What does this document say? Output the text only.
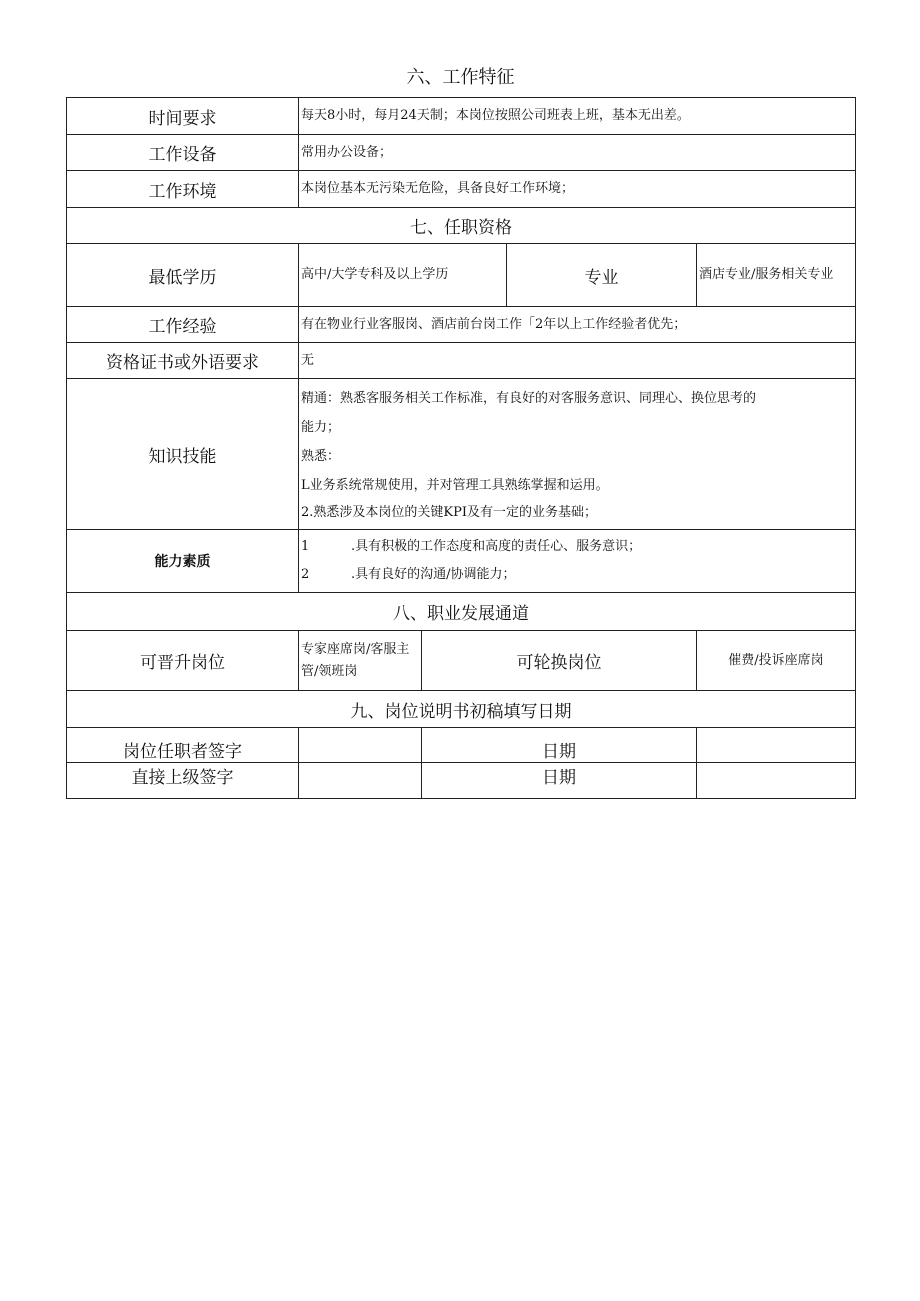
六、工作特征
时间要求	每天8小时，每月24天制；本岗位按照公司班表上班，基本无出差。			
工作设备	常用办公设备；			
工作环境	本岗位基本无污染无危险，具备良好工作环境；			
七、任职资格				
最低学历	高中/大学专科及以上学历		专业	酒店专业/服务相关专业
工作经验	有在物业行业客服岗、酒店前台岗工作「2年以上工作经验者优先；			
资格证书或外语要求	无			
知识技能	精通：熟悉客服务相关工作标准，有良好的对客服务意识、同理心、换位思考的
能力；
熟悉：
L业务系统常规使用，并对管理工具熟练掌握和运用。
2.熟悉涉及本岗位的关键KPI及有一定的业务基础；			

能力素质	1 .具有积极的工作态度和高度的责任心、服务意识；
2 .具有良好的沟通/协调能力；			

八、职业发展通道				
可晋升岗位	专家座席岗/客服主管/领班岗	可轮换岗位		催费/投诉座席岗
九、岗位说明书初稿填写日期				
岗位任职者签字		日期		
直接上级签字		日期		
